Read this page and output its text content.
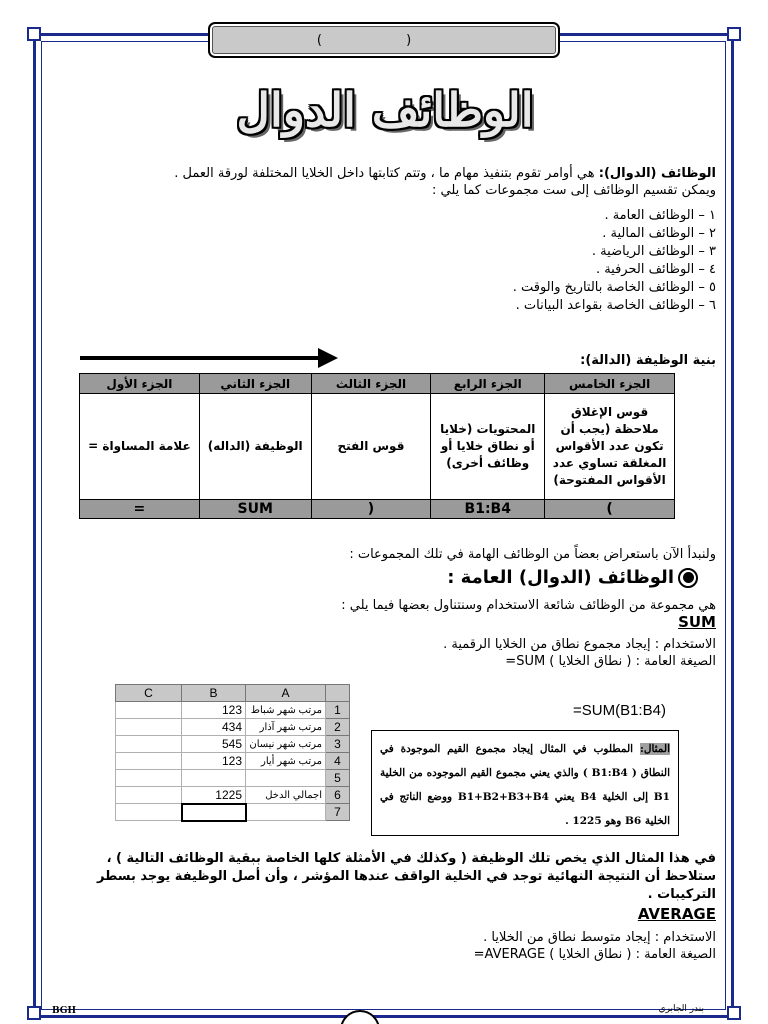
( )
الوظائف الدوال
الوظائف (الدوال): هي أوامر تقوم بتنفيذ مهام ما ، وتتم كتابتها داخل الخلايا المختلفة لورقة العمل .
ويمكن تقسيم الوظائف إلى ست مجموعات كما يلي :
١ – الوظائف العامة .
٢ – الوظائف المالية .
٣ – الوظائف الرياضية .
٤ – الوظائف الحرفية .
٥ – الوظائف الخاصة بالتاريخ والوقت .
٦ – الوظائف الخاصة بقواعد البيانات .
بنية الوظيفة (الدالة):
الجزء الخامس	الجزء الرابع	الجزء الثالث	الجزء الثاني	الجزء الأول
قوس الإغلاق ملاحظة (يجب أن تكون عدد الأقواس المغلقة تساوي عدد الأقواس المفتوحة)	المحتويات (خلايا أو نطاق خلايا أو وظائف أخرى)	قوس الفتح	الوظيفة (الداله)	علامة المساواة =
)	B1:B4	(	SUM	=
ولنبدأ الآن باستعراض بعضاً من الوظائف الهامة في تلك المجموعات :
الوظائف (الدوال) العامة :
هي مجموعة من الوظائف شائعة الاستخدام وسنتناول بعضها فيما يلي :
SUM
الاستخدام : إيجاد مجموع نطاق من الخلايا الرقمية .
الصيغة العامة : ( نطاق الخلايا ) SUM=
C	B	A	
	123	مرتب شهر شباط	1
	434	مرتب شهر آذار	2
	545	مرتب شهر نيسان	3
	123	مرتب شهر أيار	4
			5
	1225	اجمالي الدخل	6
			7
=SUM(B1:B4)
المثال: المطلوب في المثال إيجاد مجموع القيم الموجودة في النطاق ( B1:B4 ) والذي يعني مجموع القيم الموجوده من الخلية B1 إلى الخلية B4 يعني B1+B2+B3+B4 ووضع الناتج في الخلية B6 وهو 1225 .
في هذا المثال الذي يخص تلك الوظيفة ( وكذلك في الأمثلة كلها الخاصة ببقية الوظائف التالية ) ، ستلاحظ أن النتيجة النهائية توجد في الخلية الواقف عندها المؤشر ، وأن أصل الوظيفة يوجد بسطر التركيبات .
AVERAGE
الاستخدام : إيجاد متوسط نطاق من الخلايا .
الصيغة العامة : ( نطاق الخلايا ) AVERAGE=
BGH	بندر الجابري
